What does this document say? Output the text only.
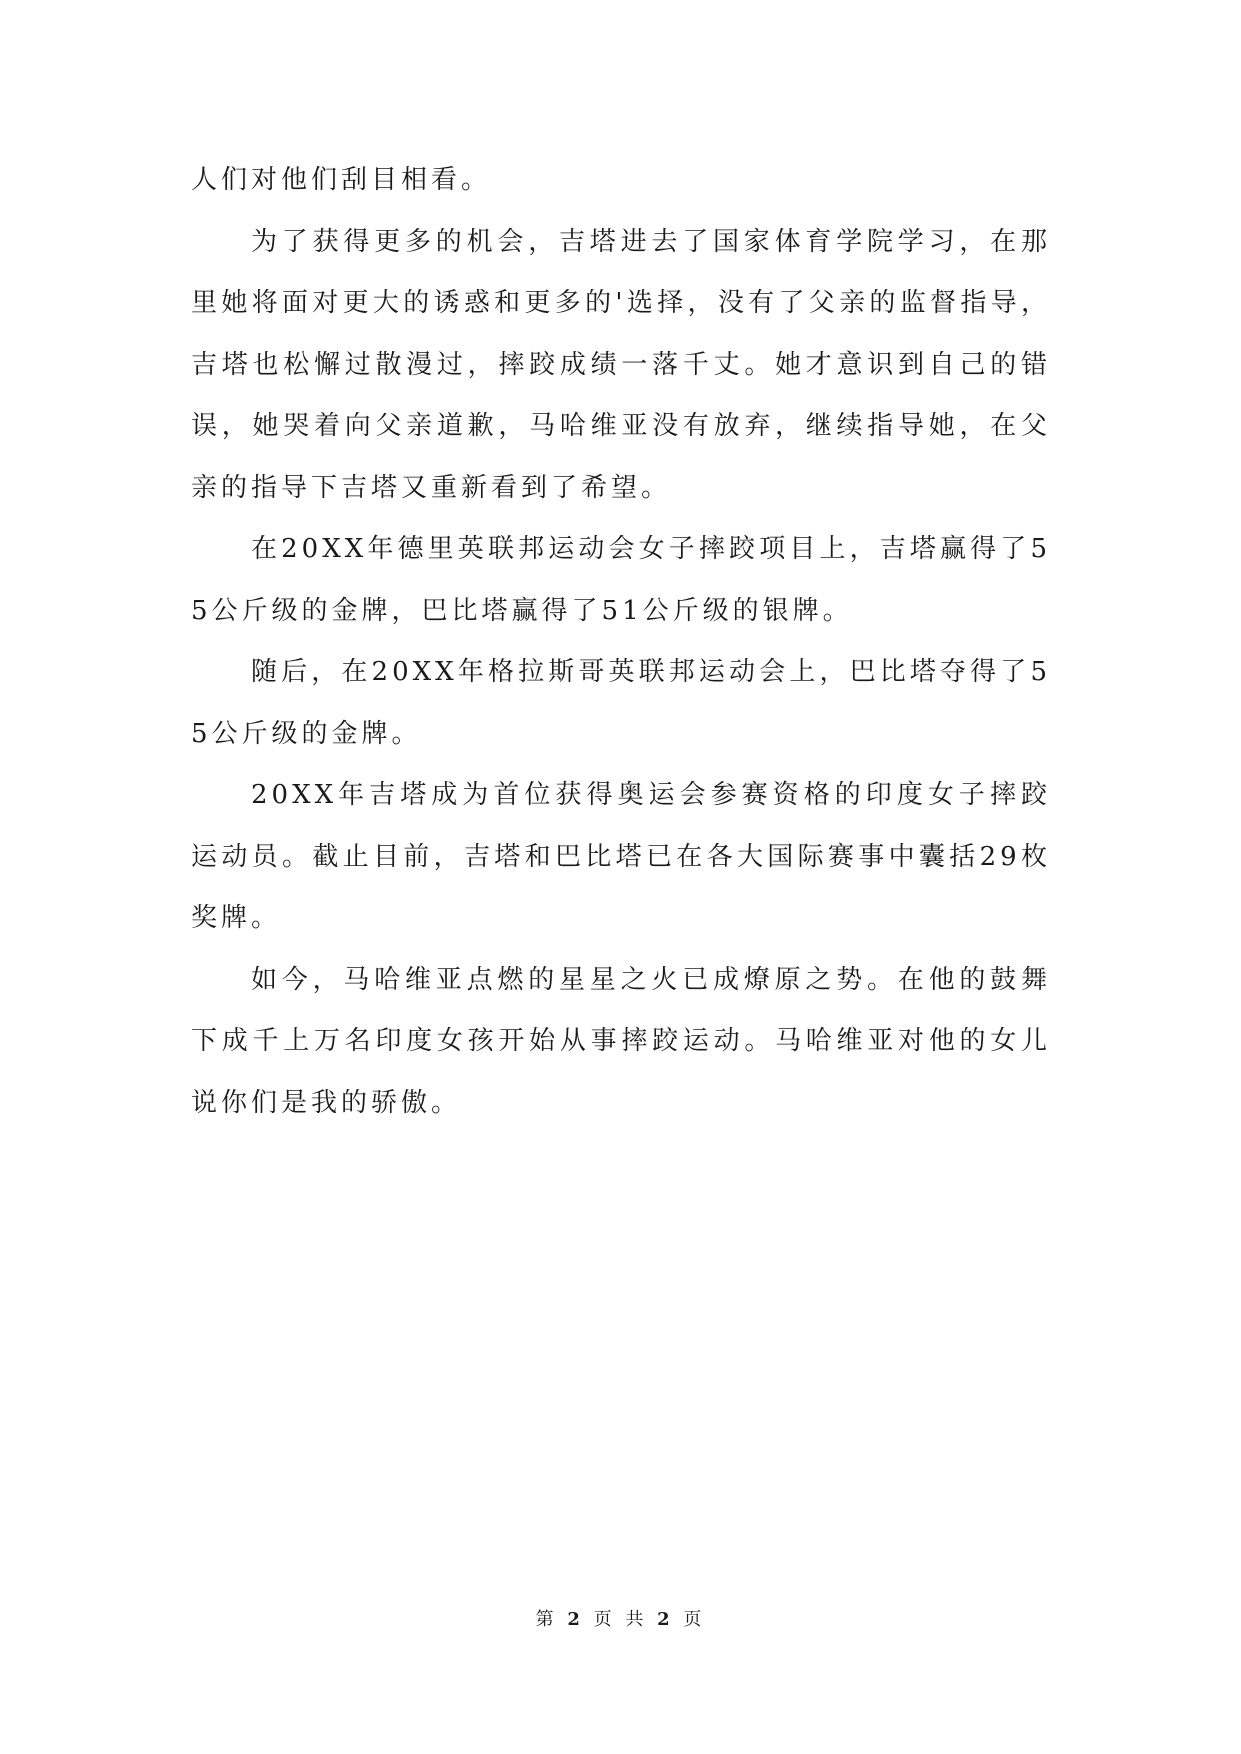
人们对他们刮目相看。

为了获得更多的机会，吉塔进去了国家体育学院学习，在那里她将面对更大的诱惑和更多的'选择，没有了父亲的监督指导，吉塔也松懈过散漫过，摔跤成绩一落千丈。她才意识到自己的错误，她哭着向父亲道歉，马哈维亚没有放弃，继续指导她，在父亲的指导下吉塔又重新看到了希望。

在20XX年德里英联邦运动会女子摔跤项目上，吉塔赢得了55公斤级的金牌，巴比塔赢得了51公斤级的银牌。

随后，在20XX年格拉斯哥英联邦运动会上，巴比塔夺得了55公斤级的金牌。

20XX年吉塔成为首位获得奥运会参赛资格的印度女子摔跤运动员。截止目前，吉塔和巴比塔已在各大国际赛事中囊括29枚奖牌。

如今，马哈维亚点燃的星星之火已成燎原之势。在他的鼓舞下成千上万名印度女孩开始从事摔跤运动。马哈维亚对他的女儿说你们是我的骄傲。

第 2 页 共 2 页
